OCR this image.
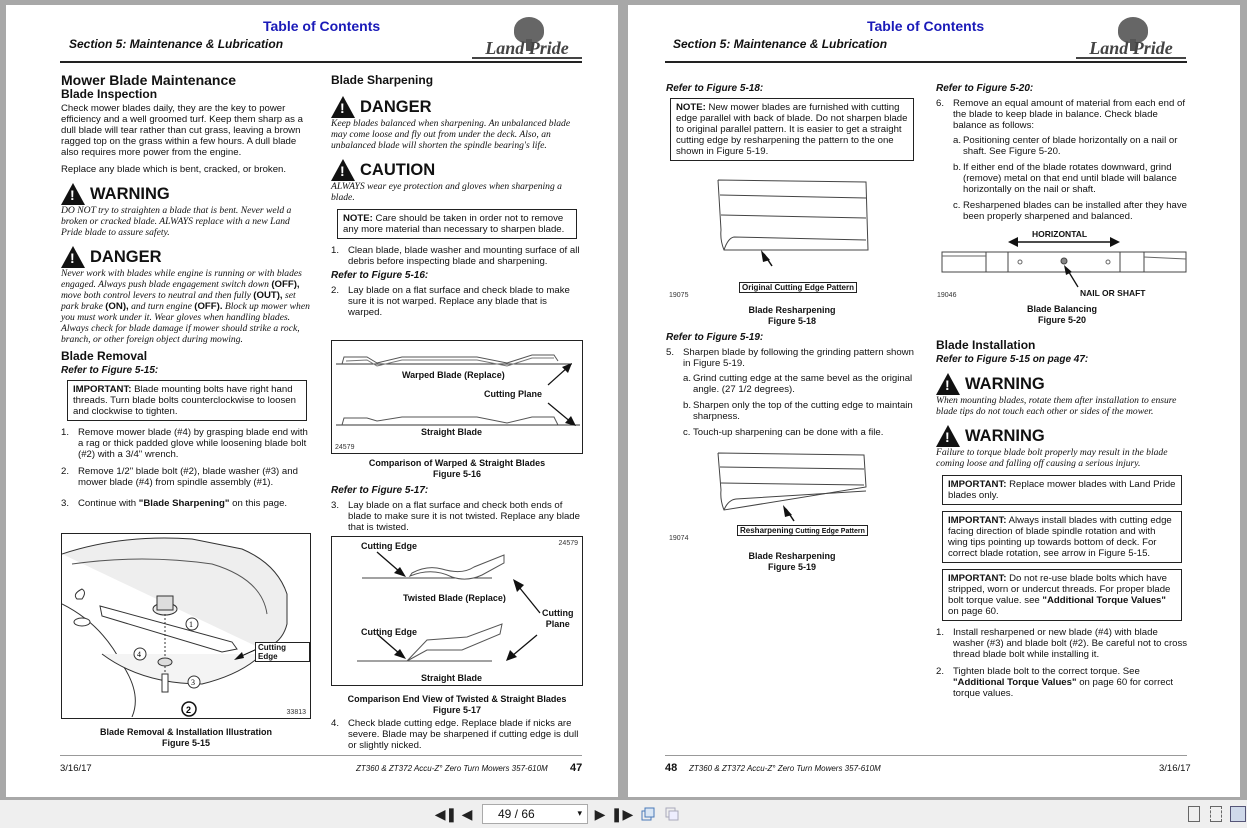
Table of Contents
Section 5: Maintenance & Lubrication	Land Pride
Mower Blade Maintenance
Blade Inspection

Check mower blades daily, they are the key to power efficiency and a well groomed turf. Keep them sharp as a dull blade will tear rather than cut grass, leaving a brown ragged top on the grass within a few hours. A dull blade also requires more power from the engine.

Replace any blade which is bent, cracked, or broken.

!
WARNING
DO NOT try to straighten a blade that is bent. Never weld a broken or cracked blade. ALWAYS replace with a new Land Pride blade to assure safety.
!
DANGER
Never work with blades while engine is running or with blades engaged. Always push blade engagement switch down (OFF), move both control levers to neutral and then fully (OUT), set park brake (ON), and turn engine (OFF). Block up mower when you must work under it. Wear gloves when handling blades. Always check for blade damage if mower should strike a rock, branch, or other foreign object during mowing.
Blade Removal
Refer to Figure 5-15:
IMPORTANT: Blade mounting bolts have right hand threads. Turn blade bolts counterclockwise to loosen and clockwise to tighten.
1. Remove mower blade (#4) by grasping blade end with a rag or thick padded glove while loosening blade bolt (#2) with a 3/4" wrench.
2. Remove 1/2" blade bolt (#2), blade washer (#3) and mower blade (#4) from spindle assembly (#1).
3. Continue with "Blade Sharpening" on this page.
1
4
3
2
Cutting Edge
33813
Blade Removal & Installation Illustration
Figure 5-15
Blade Sharpening
!
DANGER
Keep blades balanced when sharpening. An unbalanced blade may come loose and fly out from under the deck. Also, an unbalanced blade will shorten the spindle bearing's life.
!
CAUTION
ALWAYS wear eye protection and gloves when sharpening a blade.
NOTE: Care should be taken in order not to remove any more material than necessary to sharpen blade.
1. Clean blade, blade washer and mounting surface of all debris before inspecting blade and sharpening.
Refer to Figure 5-16:
2. Lay blade on a flat surface and check blade to make sure it is not warped. Replace any blade that is warped.
Warped Blade (Replace)
Cutting Plane
Straight Blade
24579
Comparison of Warped & Straight Blades
Figure 5-16
Refer to Figure 5-17:
3. Lay blade on a flat surface and check both ends of blade to make sure it is not twisted. Replace any blade that is twisted.
Cutting Edge	24579
Twisted Blade (Replace)
Cutting
Plane
Cutting Edge
Straight Blade
Comparison End View of Twisted & Straight Blades
Figure 5-17
4. Check blade cutting edge. Replace blade if nicks are severe. Blade may be sharpened if cutting edge is dull or slightly nicked.
3/16/17	ZT360 & ZT372 Accu-Z° Zero Turn Mowers 357-610M 47
Table of Contents
Section 5: Maintenance & Lubrication	Land Pride
Refer to Figure 5-18:
NOTE: New mower blades are furnished with cutting edge parallel with back of blade. Do not sharpen blade to original parallel pattern. It is easier to get a straight cutting edge by resharpening the pattern to the one shown in Figure 5-19.
Original Cutting Edge Pattern
19075
Blade Resharpening
Figure 5-18
Refer to Figure 5-19:
5. Sharpen blade by following the grinding pattern shown in Figure 5-19.
a. Grind cutting edge at the same bevel as the original angle. (27 1/2 degrees).
b. Sharpen only the top of the cutting edge to maintain sharpness.
c. Touch-up sharpening can be done with a file.
Resharpening Cutting Edge Pattern
19074
Blade Resharpening
Figure 5-19
Refer to Figure 5-20:
6. Remove an equal amount of material from each end of the blade to keep blade in balance. Check blade balance as follows:
a. Positioning center of blade horizontally on a nail or shaft. See Figure 5-20.
b. If either end of the blade rotates downward, grind (remove) metal on that end until blade will balance horizontally on the nail or shaft.
c. Resharpened blades can be installed after they have been properly sharpened and balanced.
HORIZONTAL
NAIL OR SHAFT
19046
Blade Balancing
Figure 5-20
Blade Installation
Refer to Figure 5-15 on page 47:
!
WARNING
When mounting blades, rotate them after installation to ensure blade tips do not touch each other or sides of the mower.
!
WARNING
Failure to torque blade bolt properly may result in the blade coming loose and falling off causing a serious injury.
IMPORTANT: Replace mower blades with Land Pride blades only.
IMPORTANT: Always install blades with cutting edge facing direction of blade spindle rotation and with wing tips pointing up towards bottom of deck. For correct blade rotation, see arrow in Figure 5-15.
IMPORTANT: Do not re-use blade bolts which have stripped, worn or undercut threads. For proper blade bolt torque value. see "Additional Torque Values" on page 60.
1. Install resharpened or new blade (#4) with blade washer (#3) and blade bolt (#2). Be careful not to cross thread blade bolt while installing it.
2. Tighten blade bolt to the correct torque. See "Additional Torque Values" on page 60 for correct torque values.
48 ZT360 & ZT372 Accu-Z° Zero Turn Mowers 357-610M	3/16/17
◀❚ ◀ 49 / 66	▾ ▶ ❚▶
